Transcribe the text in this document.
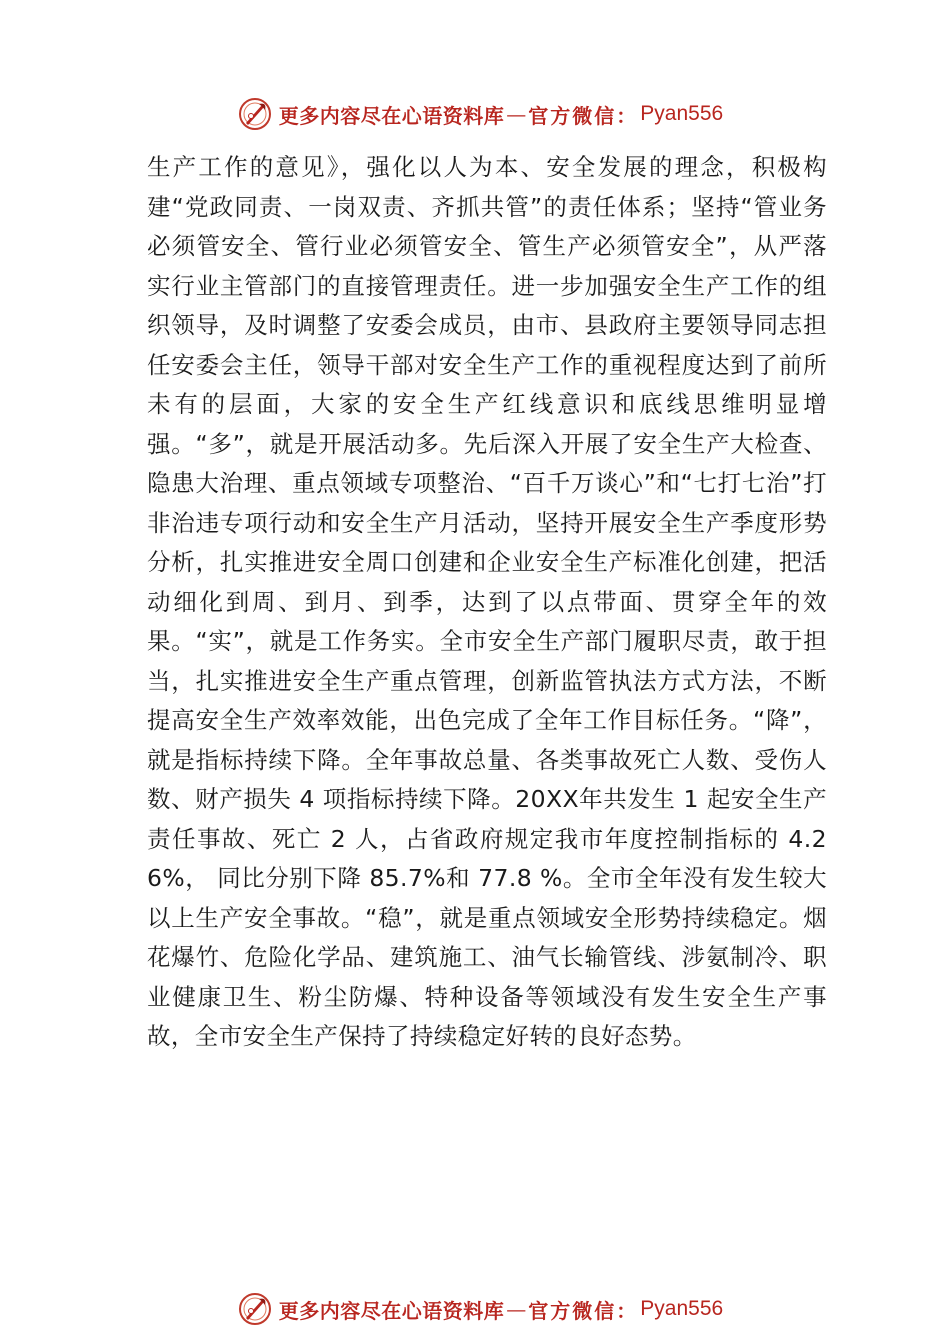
更多内容尽在心语资料库 — 官方微信： Pyan556

生产工作的意见》，强化以人为本、安全发展的理念，积极构建“党政同责、一岗双责、齐抓共管”的责任体系；坚持“管业务必须管安全、管行业必须管安全、管生产必须管安全”，从严落实行业主管部门的直接管理责任。进一步加强安全生产工作的组织领导，及时调整了安委会成员，由市、县政府主要领导同志担任安委会主任，领导干部对安全生产工作的重视程度达到了前所未有的层面，大家的安全生产红线意识和底线思维明显增强。“多”，就是开展活动多。先后深入开展了安全生产大检查、隐患大治理、重点领域专项整治、“百千万谈心”和“七打七治”打非治违专项行动和安全生产月活动，坚持开展安全生产季度形势分析，扎实推进安全周口创建和企业安全生产标准化创建，把活动细化到周、到月、到季，达到了以点带面、贯穿全年的效果。“实”，就是工作务实。全市安全生产部门履职尽责，敢于担当，扎实推进安全生产重点管理，创新监管执法方式方法，不断提高安全生产效率效能，出色完成了全年工作目标任务。“降”，就是指标持续下降。全年事故总量、各类事故死亡人数、受伤人数、财产损失 4 项指标持续下降。20XX年共发生 1 起安全生产责任事故、死亡 2 人，占省政府规定我市年度控制指标的 4.26%， 同比分别下降 85.7%和 77.8 %。全市全年没有发生较大以上生产安全事故。“稳”，就是重点领域安全形势持续稳定。烟花爆竹、危险化学品、建筑施工、油气长输管线、涉氨制冷、职业健康卫生、粉尘防爆、特种设备等领域没有发生安全生产事故，全市安全生产保持了持续稳定好转的良好态势。

更多内容尽在心语资料库 — 官方微信： Pyan556
